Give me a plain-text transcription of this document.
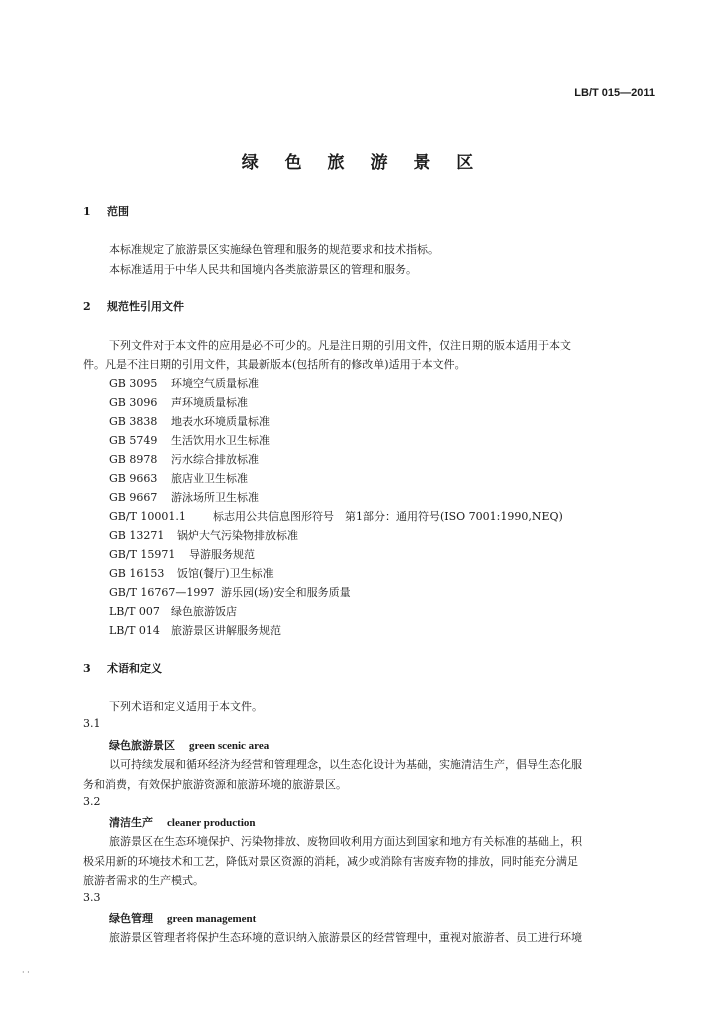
LB/T 015—2011
绿 色 旅 游 景 区
1 范围
本标准规定了旅游景区实施绿色管理和服务的规范要求和技术指标。
本标准适用于中华人民共和国境内各类旅游景区的管理和服务。
2 规范性引用文件
下列文件对于本文件的应用是必不可少的。凡是注日期的引用文件，仅注日期的版本适用于本文
件。凡是不注日期的引用文件，其最新版本(包括所有的修改单)适用于本文件。
GB 3095 环境空气质量标准
GB 3096 声环境质量标准
GB 3838 地表水环境质量标准
GB 5749 生活饮用水卫生标准
GB 8978 污水综合排放标准
GB 9663 旅店业卫生标准
GB 9667 游泳场所卫生标准
GB/T 10001.1 标志用公共信息图形符号　第1部分：通用符号(ISO 7001:1990,NEQ)
GB 13271 锅炉大气污染物排放标准
GB/T 15971 导游服务规范
GB 16153 饭馆(餐厅)卫生标准
GB/T 16767—1997 游乐园(场)安全和服务质量
LB/T 007 绿色旅游饭店
LB/T 014 旅游景区讲解服务规范
3 术语和定义
下列术语和定义适用于本文件。
3.1
绿色旅游景区 green scenic area
以可持续发展和循环经济为经营和管理理念，以生态化设计为基础，实施清洁生产，倡导生态化服
务和消费，有效保护旅游资源和旅游环境的旅游景区。
3.2
清洁生产 cleaner production
旅游景区在生态环境保护、污染物排放、废物回收利用方面达到国家和地方有关标准的基础上，积
极采用新的环境技术和工艺，降低对景区资源的消耗，减少或消除有害废弃物的排放，同时能充分满足
旅游者需求的生产模式。
3.3
绿色管理 green management
旅游景区管理者将保护生态环境的意识纳入旅游景区的经营管理中，重视对旅游者、员工进行环境
· ·
